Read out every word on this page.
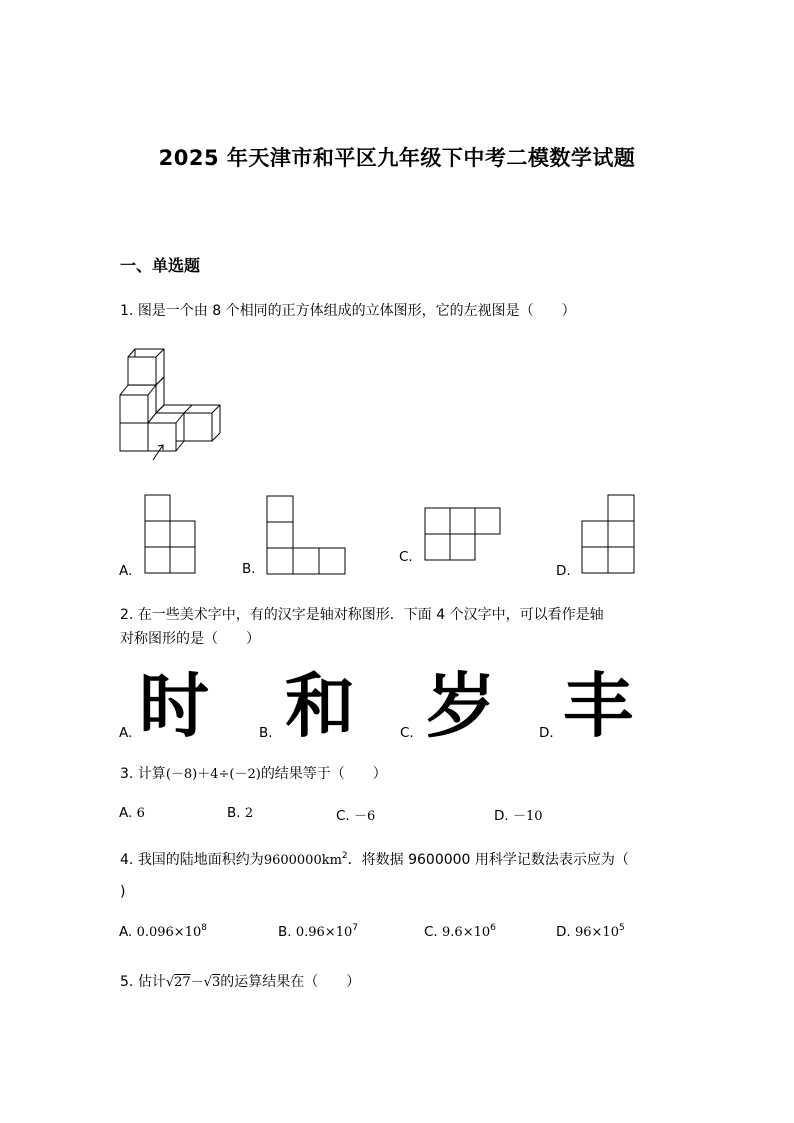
2025 年天津市和平区九年级下中考二模数学试题
一、单选题
1. 图是一个由 8 个相同的正方体组成的立体图形，它的左视图是（　　）
A.	B.
C.
D.
2. 在一些美术字中，有的汉字是轴对称图形．下面 4 个汉字中，可以看作是轴
对称图形的是（　　）
A. 时	B. 和	C. 岁	D. 丰
3. 计算(－8)＋4÷(－2)的结果等于（　　）
A. 6	B. 2	C. －6	D. －10
4. 我国的陆地面积约为$9600000km^2$．将数据 9600000 用科学记数法表示应为（
)
A. $0.096\times 10^8$	B. $0.96\times 10^7$	C. $9.6\times 10^6$	D. $96\times 10^5$
5. 估计√27－√3的运算结果在（　　）
